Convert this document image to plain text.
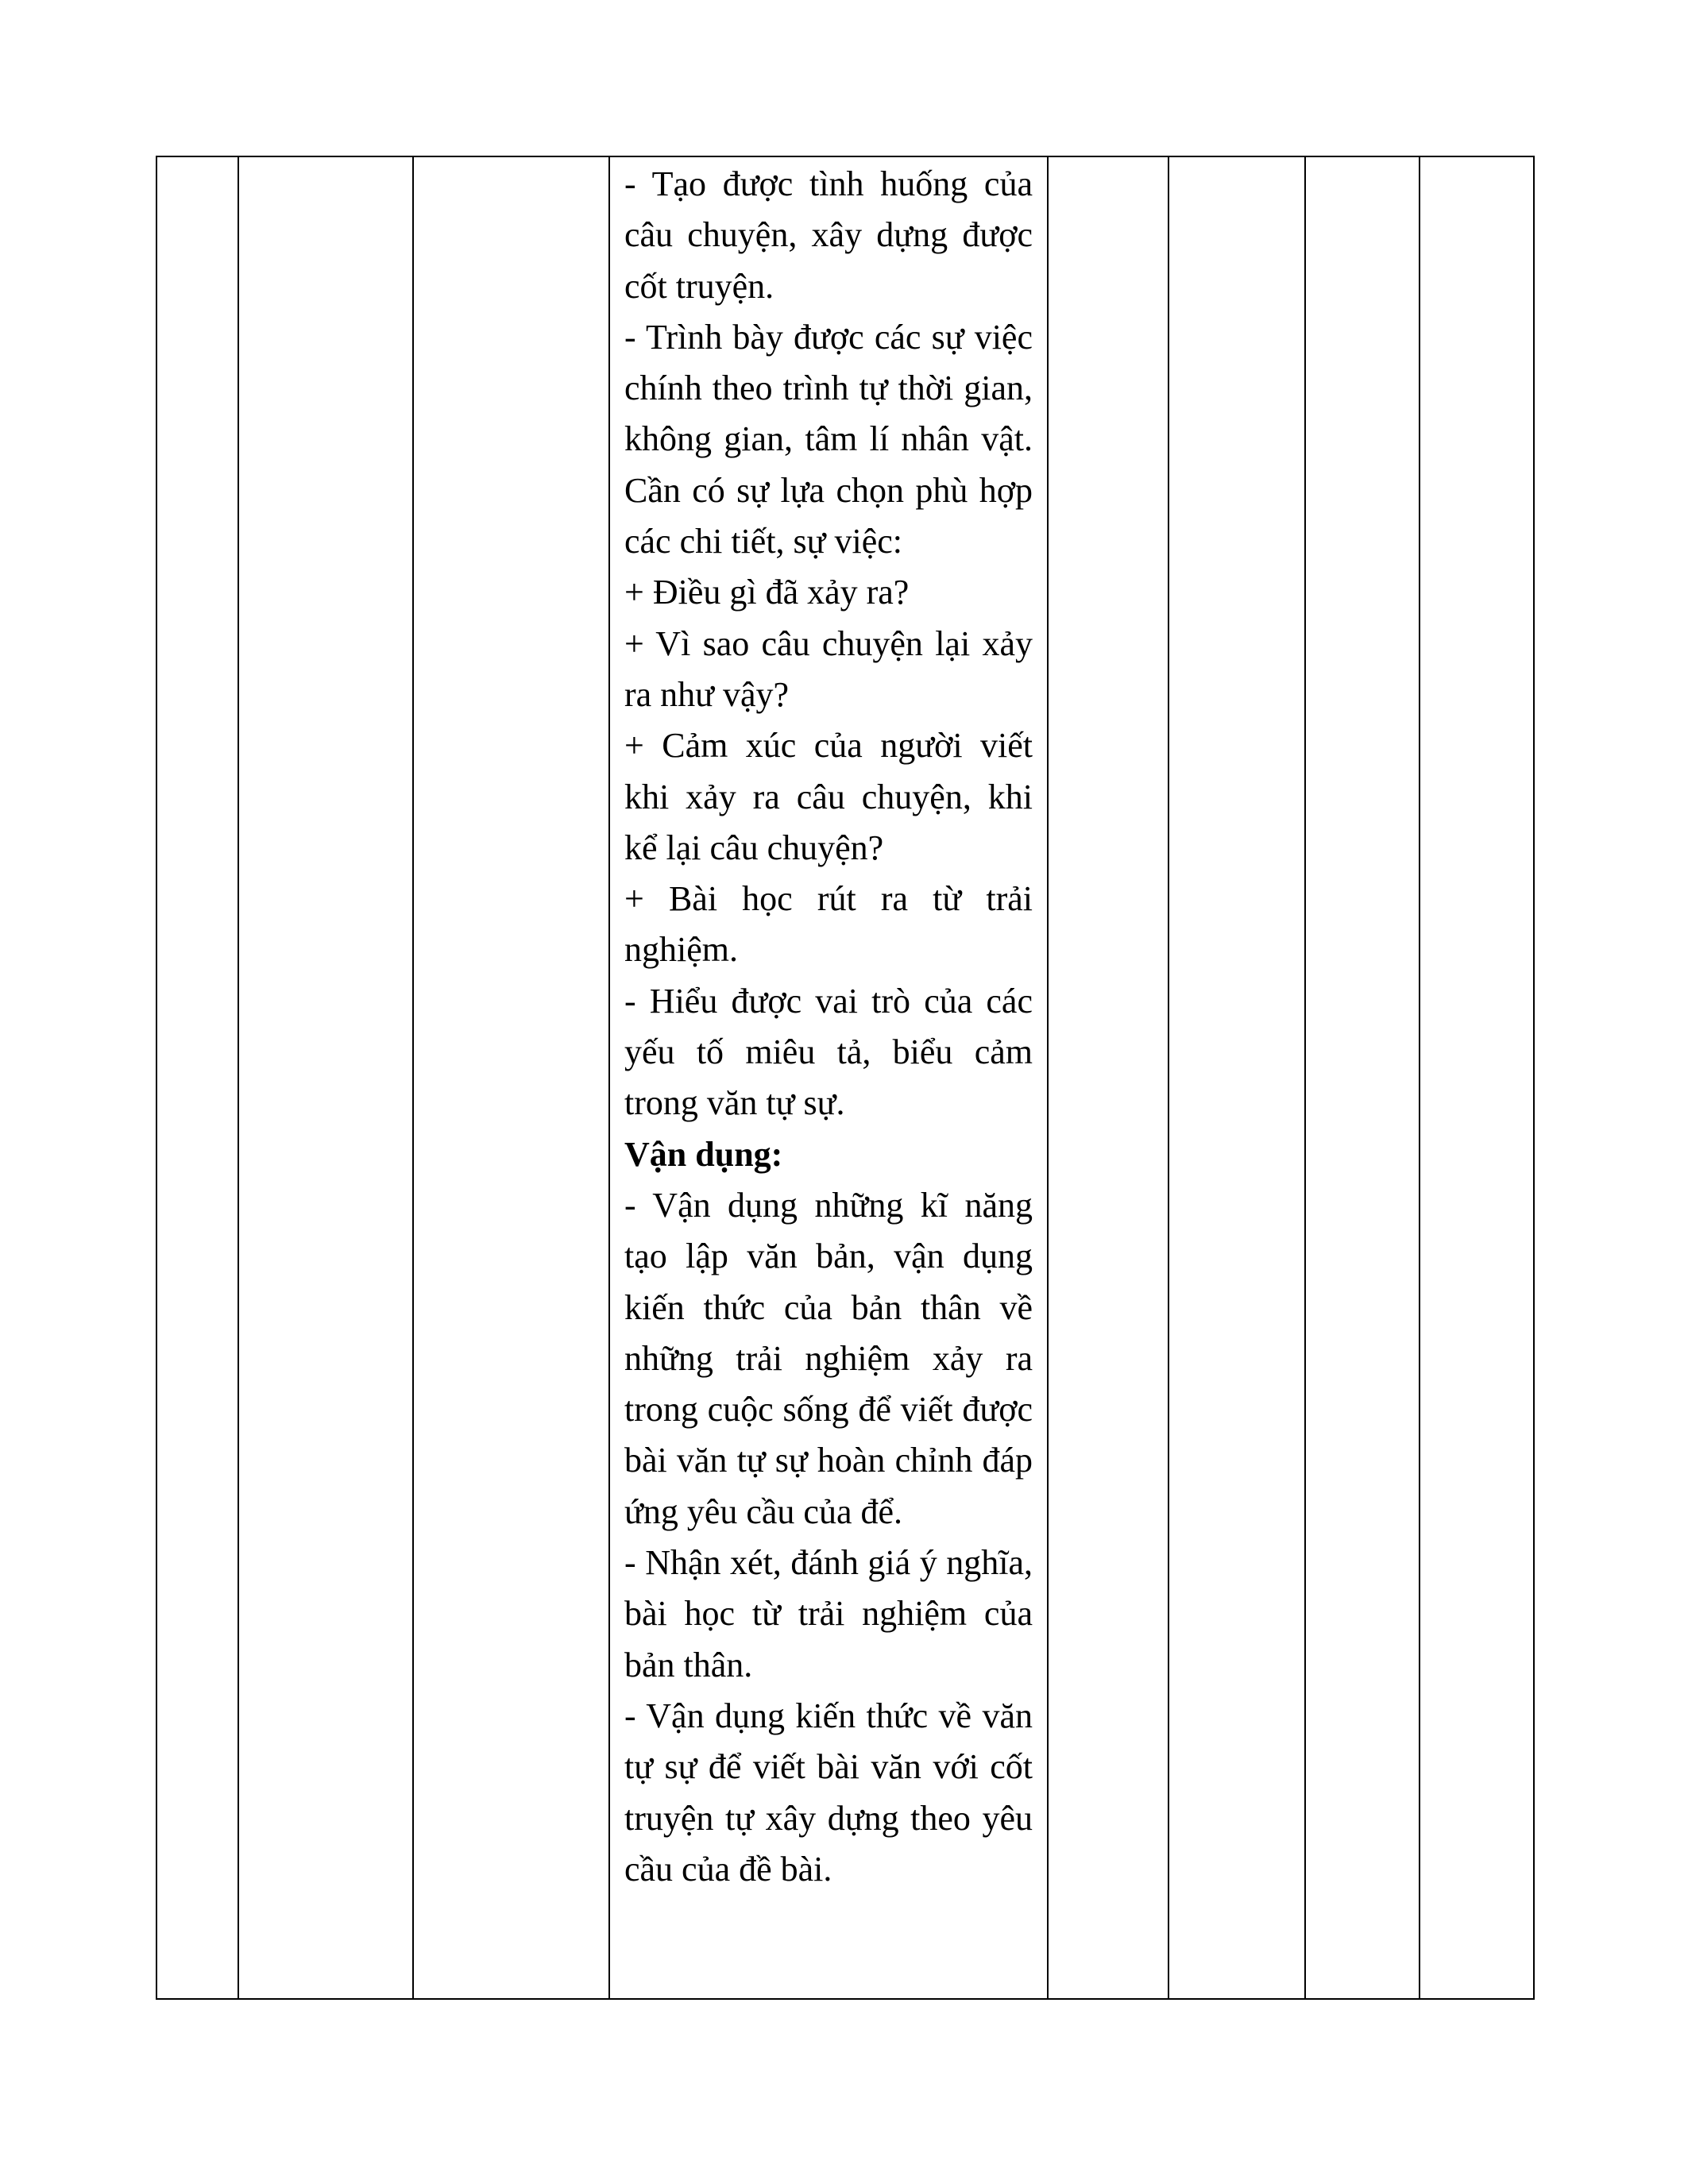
- Tạo được tình huống của câu chuyện, xây dựng được cốt truyện.
- Trình bày được các sự việc chính theo trình tự thời gian, không gian, tâm lí nhân vật. Cần có sự lựa chọn phù hợp các chi tiết, sự việc:
+ Điều gì đã xảy ra?
+ Vì sao câu chuyện lại xảy ra như vậy?
+ Cảm xúc của người viết khi xảy ra câu chuyện, khi kể lại câu chuyện?
+ Bài học rút ra từ trải nghiệm.
- Hiểu được vai trò của các yếu tố miêu tả, biểu cảm trong văn tự sự.
Vận dụng:
- Vận dụng những kĩ năng tạo lập văn bản, vận dụng kiến thức của bản thân về những trải nghiệm xảy ra trong cuộc sống để viết được bài văn tự sự hoàn chỉnh đáp ứng yêu cầu của để.
- Nhận xét, đánh giá ý nghĩa, bài học từ trải nghiệm của bản thân.
- Vận dụng kiến thức về văn tự sự để viết bài văn với cốt truyện tự xây dựng theo yêu cầu của đề bài.
